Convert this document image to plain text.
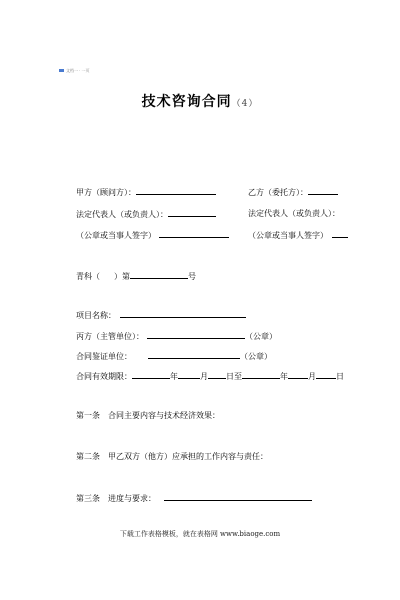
文档一 · 一页
技术咨询合同（4）
甲方（顾问方）：	乙方（委托方）：
法定代表人（或负责人）：	法定代表人（或负责人）：
（公章或当事人签字）	（公章或当事人签字）
青科（ ）第	号
项目名称：
丙方（主管单位）：	（公章）
合同鉴证单位：	（公章）
合同有效期限：	年	月 日至	年	月	日
第一条 合同主要内容与技术经济效果：
第二条 甲乙双方（他方）应承担的工作内容与责任：
第三条 进度与要求：
下载工作表格模板，就在表格网 www.biaoge.com
